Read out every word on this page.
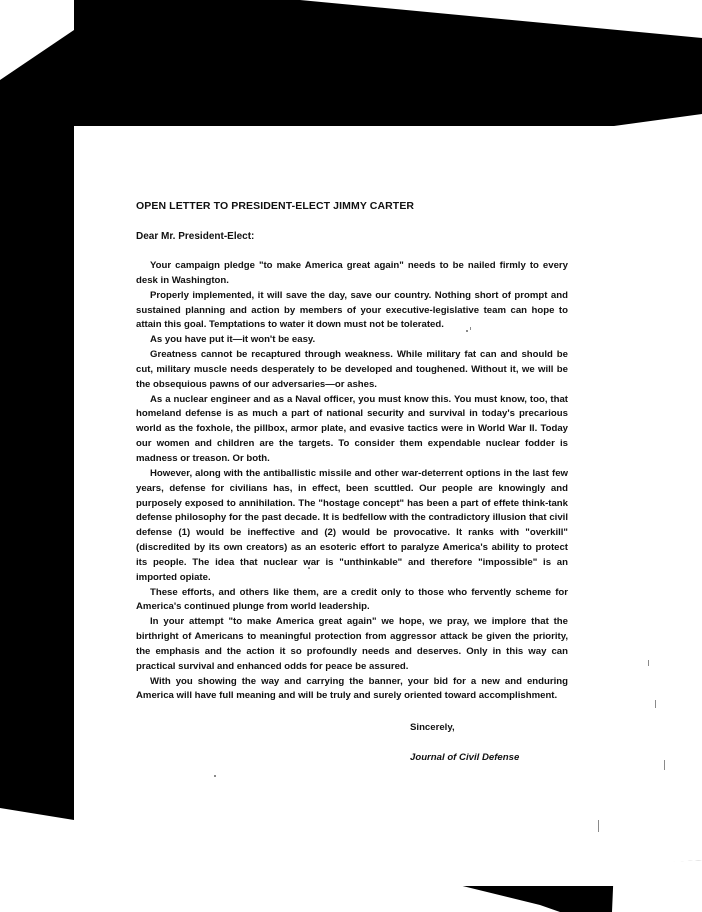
OPEN LETTER TO PRESIDENT-ELECT JIMMY CARTER
Dear Mr. President-Elect:

Your campaign pledge "to make America great again" needs to be nailed firmly to every desk in Washington.

Properly implemented, it will save the day, save our country. Nothing short of prompt and sustained planning and action by members of your executive-legislative team can hope to attain this goal. Temptations to water it down must not be tolerated.

As you have put it—it won't be easy.

Greatness cannot be recaptured through weakness. While military fat can and should be cut, military muscle needs desperately to be developed and toughened. Without it, we will be the obsequious pawns of our adversaries—or ashes.

As a nuclear engineer and as a Naval officer, you must know this. You must know, too, that homeland defense is as much a part of national security and survival in today's precarious world as the foxhole, the pillbox, armor plate, and evasive tactics were in World War II. Today our women and children are the targets. To consider them expendable nuclear fodder is madness or treason. Or both.

However, along with the antiballistic missile and other war-deterrent options in the last few years, defense for civilians has, in effect, been scuttled. Our people are knowingly and purposely exposed to annihilation. The "hostage concept" has been a part of effete think-tank defense philosophy for the past decade. It is bedfellow with the contradictory illusion that civil defense (1) would be ineffective and (2) would be provocative. It ranks with "overkill" (discredited by its own creators) as an esoteric effort to paralyze America's ability to protect its people. The idea that nuclear war is "unthinkable" and therefore "impossible" is an imported opiate.

These efforts, and others like them, are a credit only to those who fervently scheme for America's continued plunge from world leadership.

In your attempt "to make America great again" we hope, we pray, we implore that the birthright of Americans to meaningful protection from aggressor attack be given the priority, the emphasis and the action it so profoundly needs and deserves. Only in this way can practical survival and enhanced odds for peace be assured.

With you showing the way and carrying the banner, your bid for a new and enduring America will have full meaning and will be truly and surely oriented toward accomplishment.

Sincerely,
Journal of Civil Defense
